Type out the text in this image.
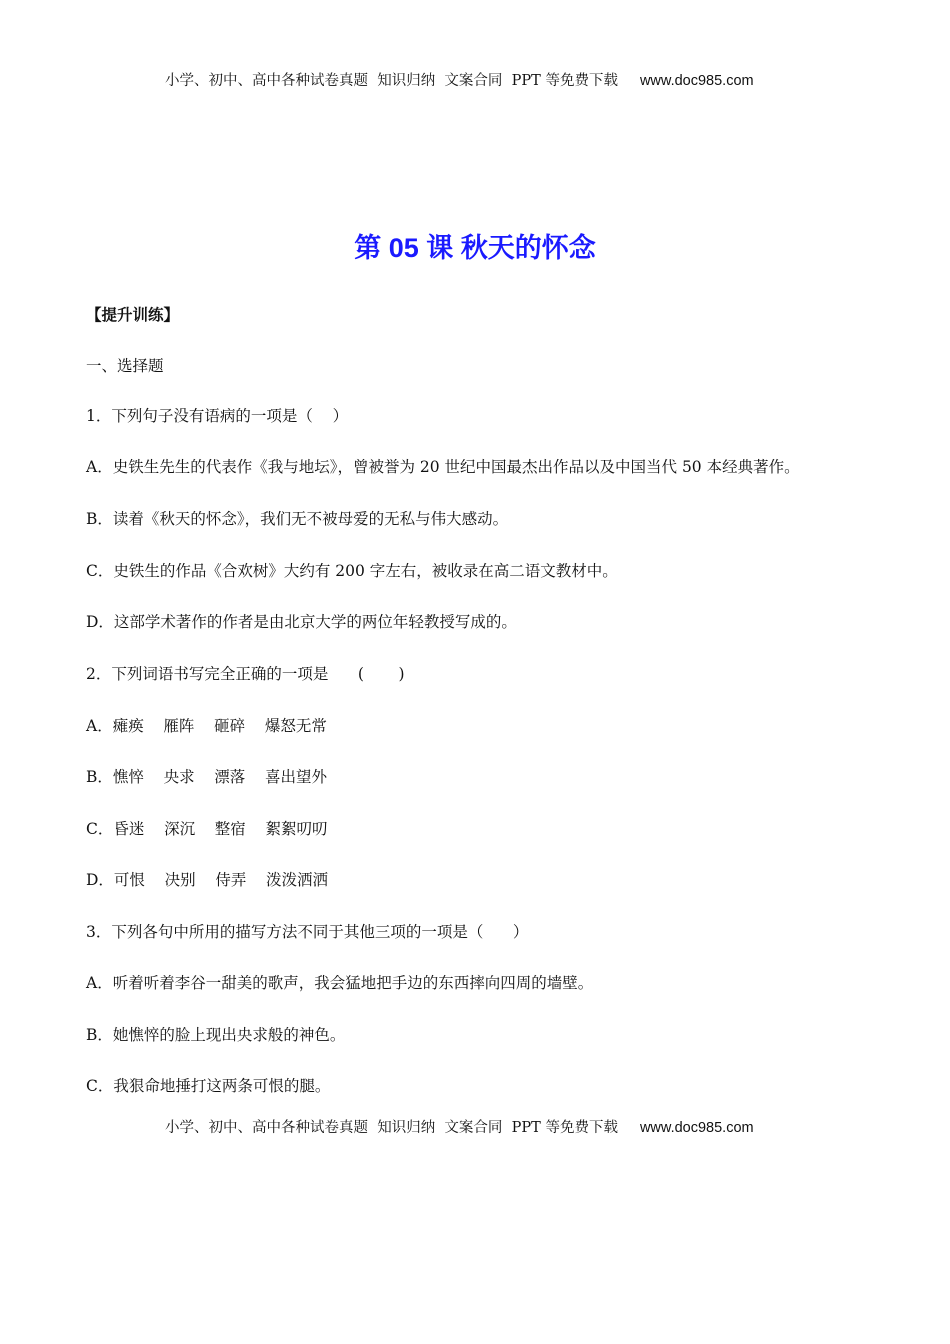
小学、初中、高中各种试卷真题  知识归纳  文案合同  PPT 等免费下载 www.doc985.com
第 05 课 秋天的怀念
【提升训练】
一、选择题
1．下列句子没有语病的一项是（    ）
A．史铁生先生的代表作《我与地坛》，曾被誉为 20 世纪中国最杰出作品以及中国当代 50 本经典著作。
B．读着《秋天的怀念》，我们无不被母爱的无私与伟大感动。
C．史铁生的作品《合欢树》大约有 200 字左右，被收录在高二语文教材中。
D．这部学术著作的作者是由北京大学的两位年轻教授写成的。
2．下列词语书写完全正确的一项是      (       )
A．瘫痪    雁阵    砸碎    爆怒无常
B．憔悴    央求    漂落    喜出望外
C．昏迷    深沉    整宿    絮絮叨叨
D．可恨    决别    侍弄    泼泼洒洒
3．下列各句中所用的描写方法不同于其他三项的一项是（      ）
A．听着听着李谷一甜美的歌声，我会猛地把手边的东西摔向四周的墙壁。
B．她憔悴的脸上现出央求般的神色。
C．我狠命地捶打这两条可恨的腿。
小学、初中、高中各种试卷真题  知识归纳  文案合同  PPT 等免费下载 www.doc985.com
